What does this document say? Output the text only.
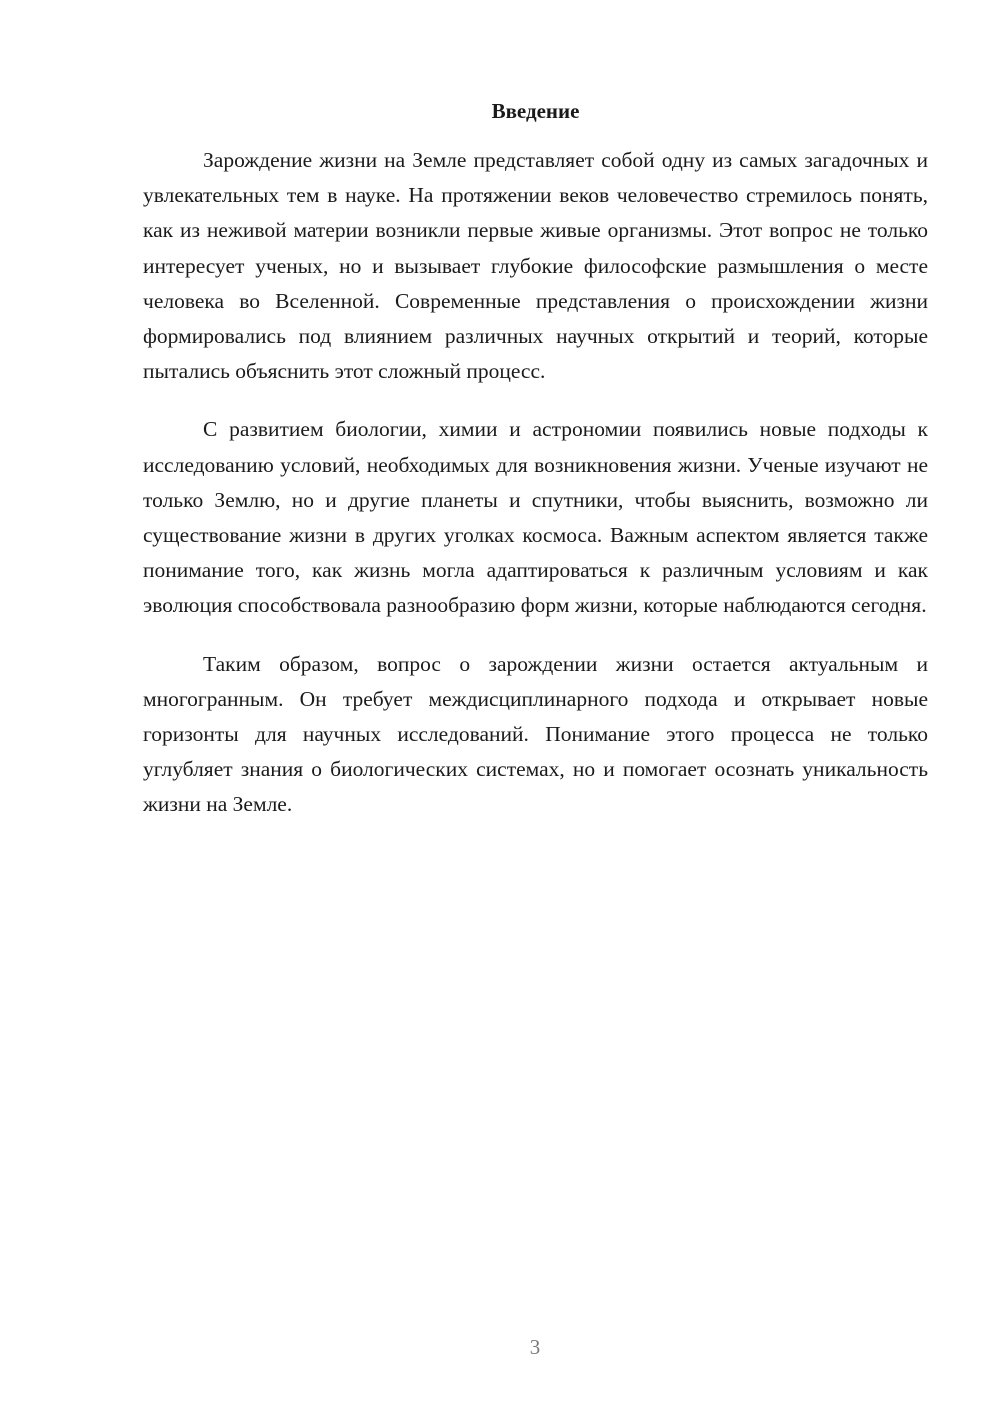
Введение

Зарождение жизни на Земле представляет собой одну из самых загадочных и увлекательных тем в науке. На протяжении веков человечество стремилось понять, как из неживой материи возникли первые живые организмы. Этот вопрос не только интересует ученых, но и вызывает глубокие философские размышления о месте человека во Вселенной. Современные представления о происхождении жизни формировались под влиянием различных научных открытий и теорий, которые пытались объяснить этот сложный процесс.

С развитием биологии, химии и астрономии появились новые подходы к исследованию условий, необходимых для возникновения жизни. Ученые изучают не только Землю, но и другие планеты и спутники, чтобы выяснить, возможно ли существование жизни в других уголках космоса. Важным аспектом является также понимание того, как жизнь могла адаптироваться к различным условиям и как эволюция способствовала разнообразию форм жизни, которые наблюдаются сегодня.

Таким образом, вопрос о зарождении жизни остается актуальным и многогранным. Он требует междисциплинарного подхода и открывает новые горизонты для научных исследований. Понимание этого процесса не только углубляет знания о биологических системах, но и помогает осознать уникальность жизни на Земле.

3
